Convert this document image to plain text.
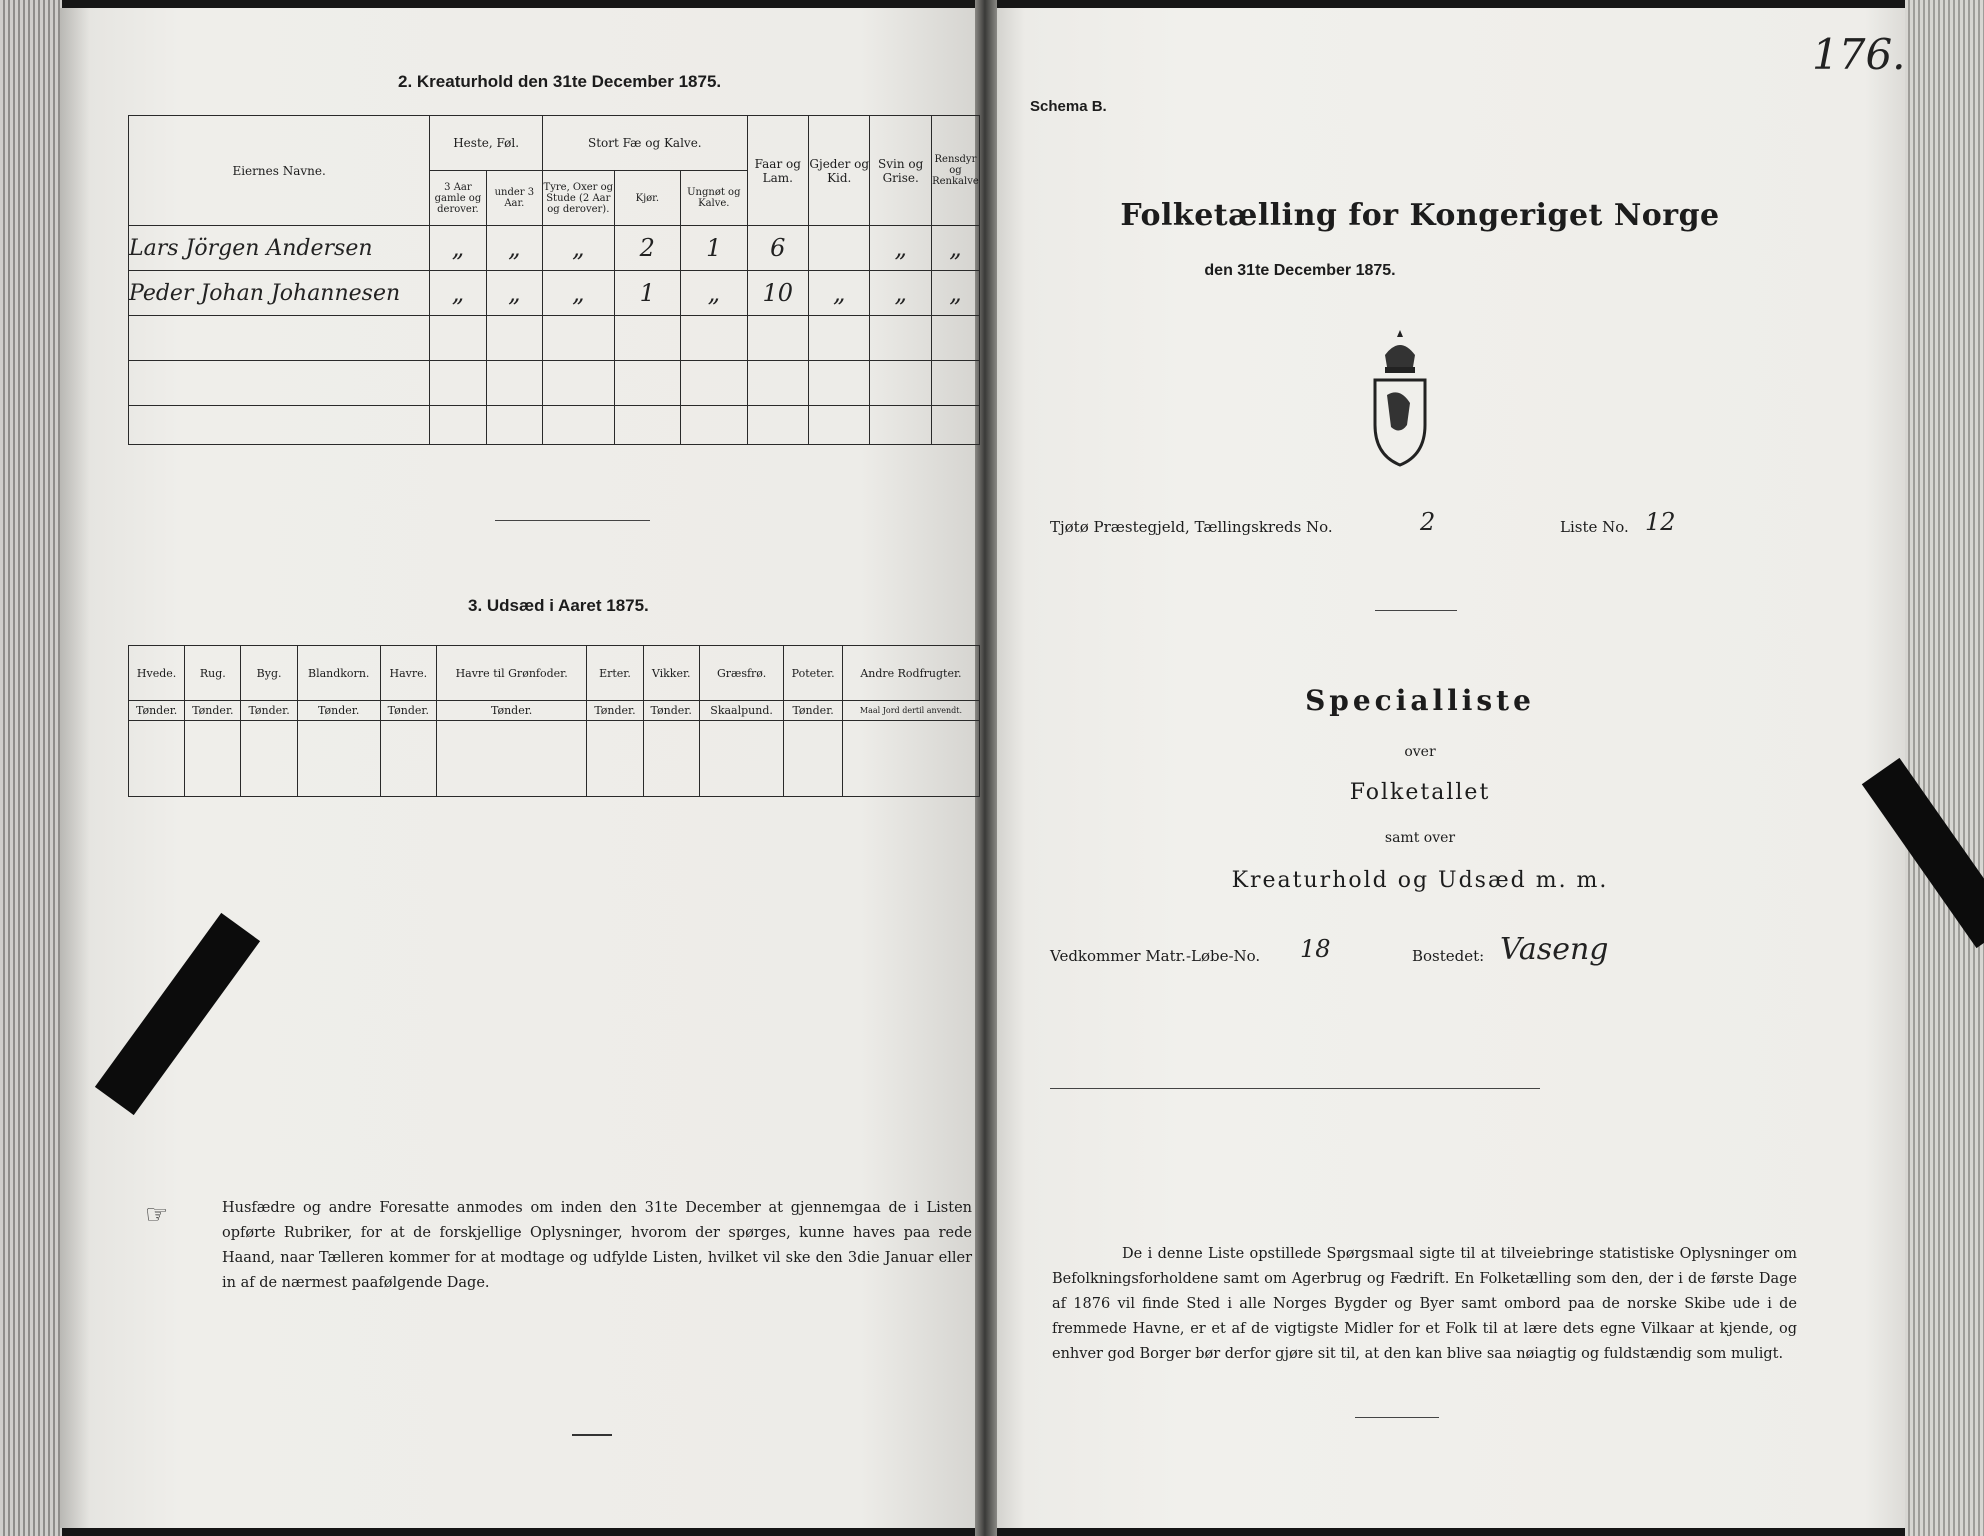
2. Kreaturhold den 31te December 1875.
Eiernes Navne.	Heste, Føl.		Stort Fæ og Kalve.			Faar og Lam.	Gjeder og Kid.	Svin og Grise.	Rensdyr og Renkalve
	3 Aar gamle og derover.	under 3 Aar.	Tyre, Oxer og Stude (2 Aar og derover).	Kjør.	Ungnøt og Kalve.				
Lars Jörgen Andersen	„	„	„	2	1	6		„	„
Peder Johan Johannesen	„	„	„	1	„	10	„	„	„

3. Udsæd i Aaret 1875.
Hvede.	Rug.	Byg.	Blandkorn.	Havre.	Havre til Grønfoder.	Erter.	Vikker.	Græsfrø.	Poteter.	Andre Rodfrugter.
Tønder.	Tønder.	Tønder.	Tønder.	Tønder.	Tønder.	Tønder.	Tønder.	Skaalpund.	Tønder.	Maal Jord dertil anvendt.

☞	Husfædre og andre Foresatte anmodes om inden den 31te December at gjennemgaa de i Listen opførte Rubriker, for at de forskjellige Oplysninger, hvorom der spørges, kunne haves paa rede Haand, naar Tælleren kommer for at modtage og udfylde Listen, hvilket vil ske den 3die Januar eller in af de nærmest paafølgende Dage.
176.
Schema B.
Folketælling for Kongeriget Norge
den 31te December 1875.
Tjøtø Præstegjeld, Tællingskreds No.	2	Liste No. 12
Specialliste
over
Folketallet
samt over
Kreaturhold og Udsæd m. m.
Vedkommer Matr.-Løbe-No. 18	Bostedet: Vaseng
De i denne Liste opstillede Spørgsmaal sigte til at tilveiebringe statistiske Oplysninger om Befolkningsforholdene samt om Agerbrug og Fædrift. En Folketælling som den, der i de første Dage af 1876 vil finde Sted i alle Norges Bygder og Byer samt ombord paa de norske Skibe ude i de fremmede Havne, er et af de vigtigste Midler for et Folk til at lære dets egne Vilkaar at kjende, og enhver god Borger bør derfor gjøre sit til, at den kan blive saa nøiagtig og fuldstændig som muligt.
